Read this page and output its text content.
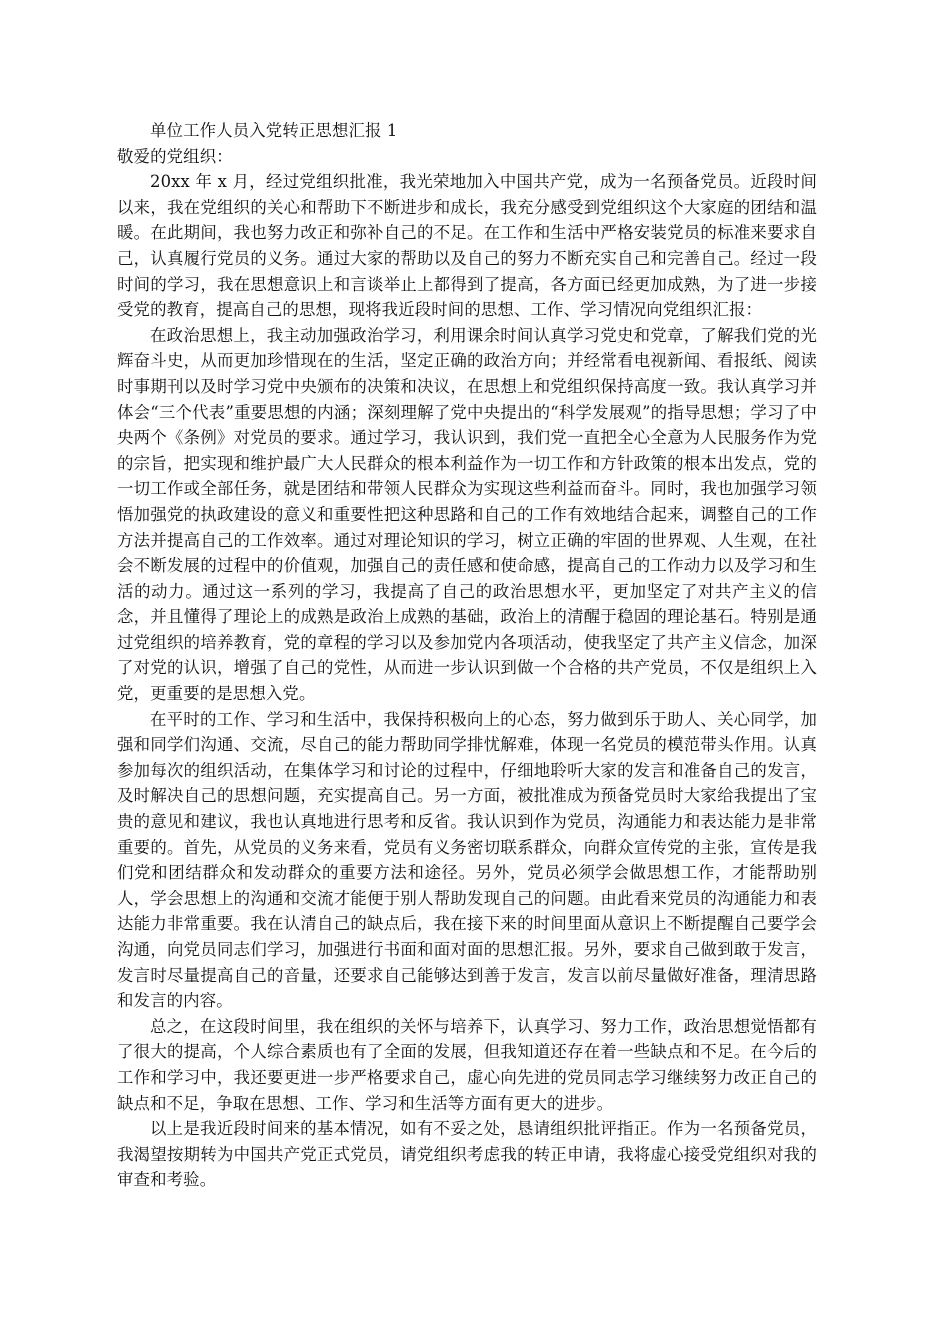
单位工作人员入党转正思想汇报 1

敬爱的党组织：

20xx 年 x 月，经过党组织批准，我光荣地加入中国共产党，成为一名预备党员。近段时间以来，我在党组织的关心和帮助下不断进步和成长，我充分感受到党组织这个大家庭的团结和温暖。在此期间，我也努力改正和弥补自己的不足。在工作和生活中严格安装党员的标准来要求自己，认真履行党员的义务。通过大家的帮助以及自己的努力不断充实自己和完善自己。经过一段时间的学习，我在思想意识上和言谈举止上都得到了提高，各方面已经更加成熟，为了进一步接受党的教育，提高自己的思想，现将我近段时间的思想、工作、学习情况向党组织汇报：

在政治思想上，我主动加强政治学习，利用课余时间认真学习党史和党章，了解我们党的光辉奋斗史，从而更加珍惜现在的生活，坚定正确的政治方向；并经常看电视新闻、看报纸、阅读时事期刊以及时学习党中央颁布的决策和决议，在思想上和党组织保持高度一致。我认真学习并体会“三个代表”重要思想的内涵；深刻理解了党中央提出的“科学发展观”的指导思想；学习了中央两个《条例》对党员的要求。通过学习，我认识到，我们党一直把全心全意为人民服务作为党的宗旨，把实现和维护最广大人民群众的根本利益作为一切工作和方针政策的根本出发点，党的一切工作或全部任务，就是团结和带领人民群众为实现这些利益而奋斗。同时，我也加强学习领悟加强党的执政建设的意义和重要性把这种思路和自己的工作有效地结合起来，调整自己的工作方法并提高自己的工作效率。通过对理论知识的学习，树立正确的牢固的世界观、人生观，在社会不断发展的过程中的价值观，加强自己的责任感和使命感，提高自己的工作动力以及学习和生活的动力。通过这一系列的学习，我提高了自己的政治思想水平，更加坚定了对共产主义的信念，并且懂得了理论上的成熟是政治上成熟的基础，政治上的清醒于稳固的理论基石。特别是通过党组织的培养教育，党的章程的学习以及参加党内各项活动，使我坚定了共产主义信念，加深了对党的认识，增强了自己的党性，从而进一步认识到做一个合格的共产党员，不仅是组织上入党，更重要的是思想入党。

在平时的工作、学习和生活中，我保持积极向上的心态，努力做到乐于助人、关心同学，加强和同学们沟通、交流，尽自己的能力帮助同学排忧解难，体现一名党员的模范带头作用。认真参加每次的组织活动，在集体学习和讨论的过程中，仔细地聆听大家的发言和准备自己的发言，及时解决自己的思想问题，充实提高自己。另一方面，被批准成为预备党员时大家给我提出了宝贵的意见和建议，我也认真地进行思考和反省。我认识到作为党员，沟通能力和表达能力是非常重要的。首先，从党员的义务来看，党员有义务密切联系群众，向群众宣传党的主张，宣传是我们党和团结群众和发动群众的重要方法和途径。另外，党员必须学会做思想工作，才能帮助别人，学会思想上的沟通和交流才能便于别人帮助发现自己的问题。由此看来党员的沟通能力和表达能力非常重要。我在认清自己的缺点后，我在接下来的时间里面从意识上不断提醒自己要学会沟通，向党员同志们学习，加强进行书面和面对面的思想汇报。另外，要求自己做到敢于发言，发言时尽量提高自己的音量，还要求自己能够达到善于发言，发言以前尽量做好准备，理清思路和发言的内容。

总之，在这段时间里，我在组织的关怀与培养下，认真学习、努力工作，政治思想觉悟都有了很大的提高，个人综合素质也有了全面的发展，但我知道还存在着一些缺点和不足。在今后的工作和学习中，我还要更进一步严格要求自己，虚心向先进的党员同志学习继续努力改正自己的缺点和不足，争取在思想、工作、学习和生活等方面有更大的进步。

以上是我近段时间来的基本情况，如有不妥之处，恳请组织批评指正。作为一名预备党员，我渴望按期转为中国共产党正式党员，请党组织考虑我的转正申请，我将虚心接受党组织对我的审查和考验。
